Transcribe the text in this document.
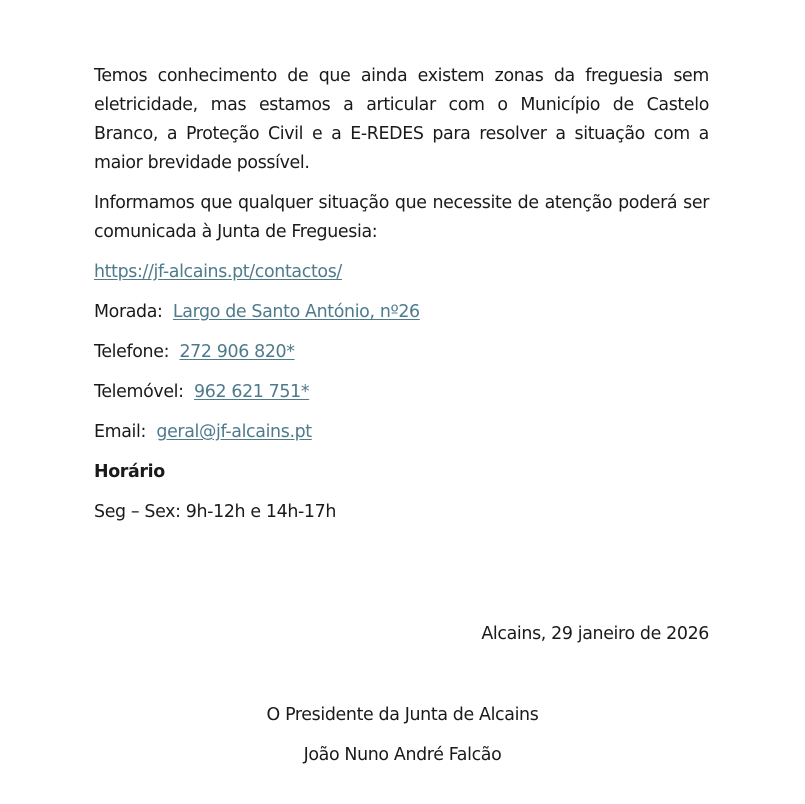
Temos conhecimento de que ainda existem zonas da freguesia sem eletricidade, mas estamos a articular com o Município de Castelo Branco, a Proteção Civil e a E-REDES para resolver a situação com a maior brevidade possível.

Informamos que qualquer situação que necessite de atenção poderá ser comunicada à Junta de Freguesia:

https://jf-alcains.pt/contactos/

Morada:  Largo de Santo António, nº26

Telefone:  272 906 820*

Telemóvel:  962 621 751*

Email:  geral@jf-alcains.pt

Horário

Seg – Sex: 9h-12h e 14h-17h

Alcains, 29 janeiro de 2026

O Presidente da Junta de Alcains

João Nuno André Falcão
